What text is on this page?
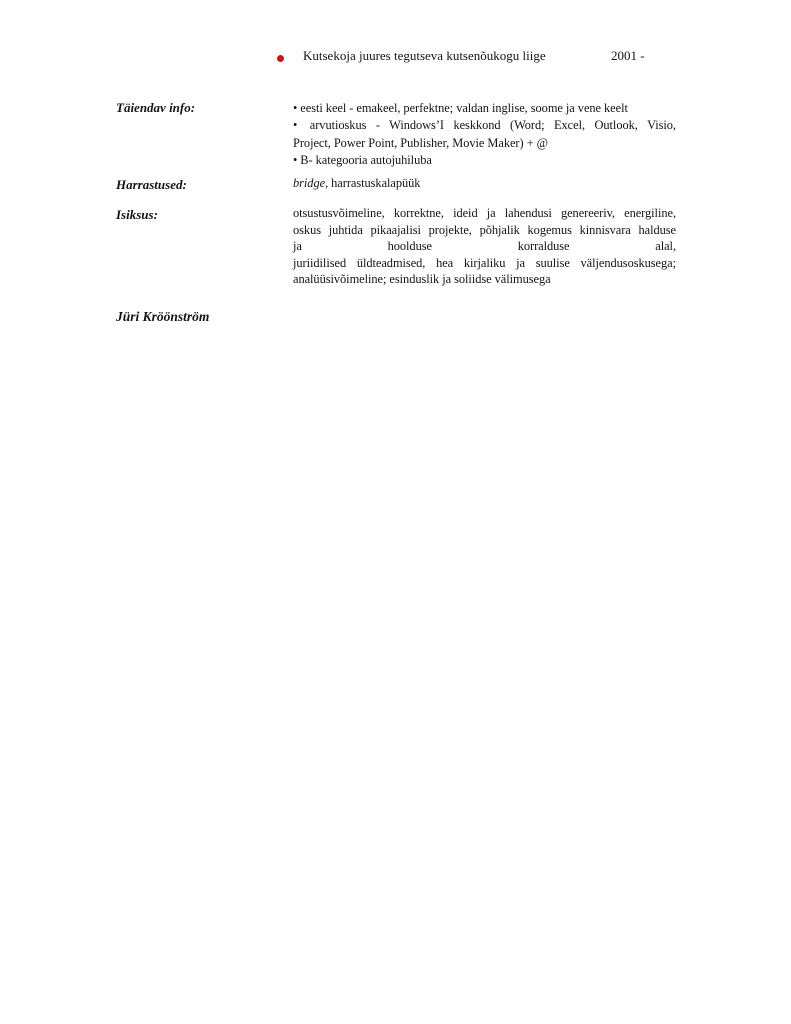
Kutsekoja juures tegutseva kutsenõukogu liige	2001 -
Täiendav info:	• eesti keel - emakeel, perfektne; valdan inglise, soome ja vene keelt
• arvutioskus - Windows’I keskkond (Word; Excel, Outlook, Visio,
Project, Power Point, Publisher, Movie Maker) + @
• B- kategooria autojuhiluba
Harrastused:	bridge, harrastuskalapüük
Isiksus:	otsustusvõimeline, korrektne, ideid ja lahendusi genereeriv, energiline,
oskus juhtida pikaajalisi projekte, põhjalik kogemus kinnisvara halduse
ja hoolduse korralduse alal,
juriidilised üldteadmised, hea kirjaliku ja suulise väljendusoskusega;
analüüsivõimeline; esinduslik ja soliidse välimusega
Jüri Kröönström
